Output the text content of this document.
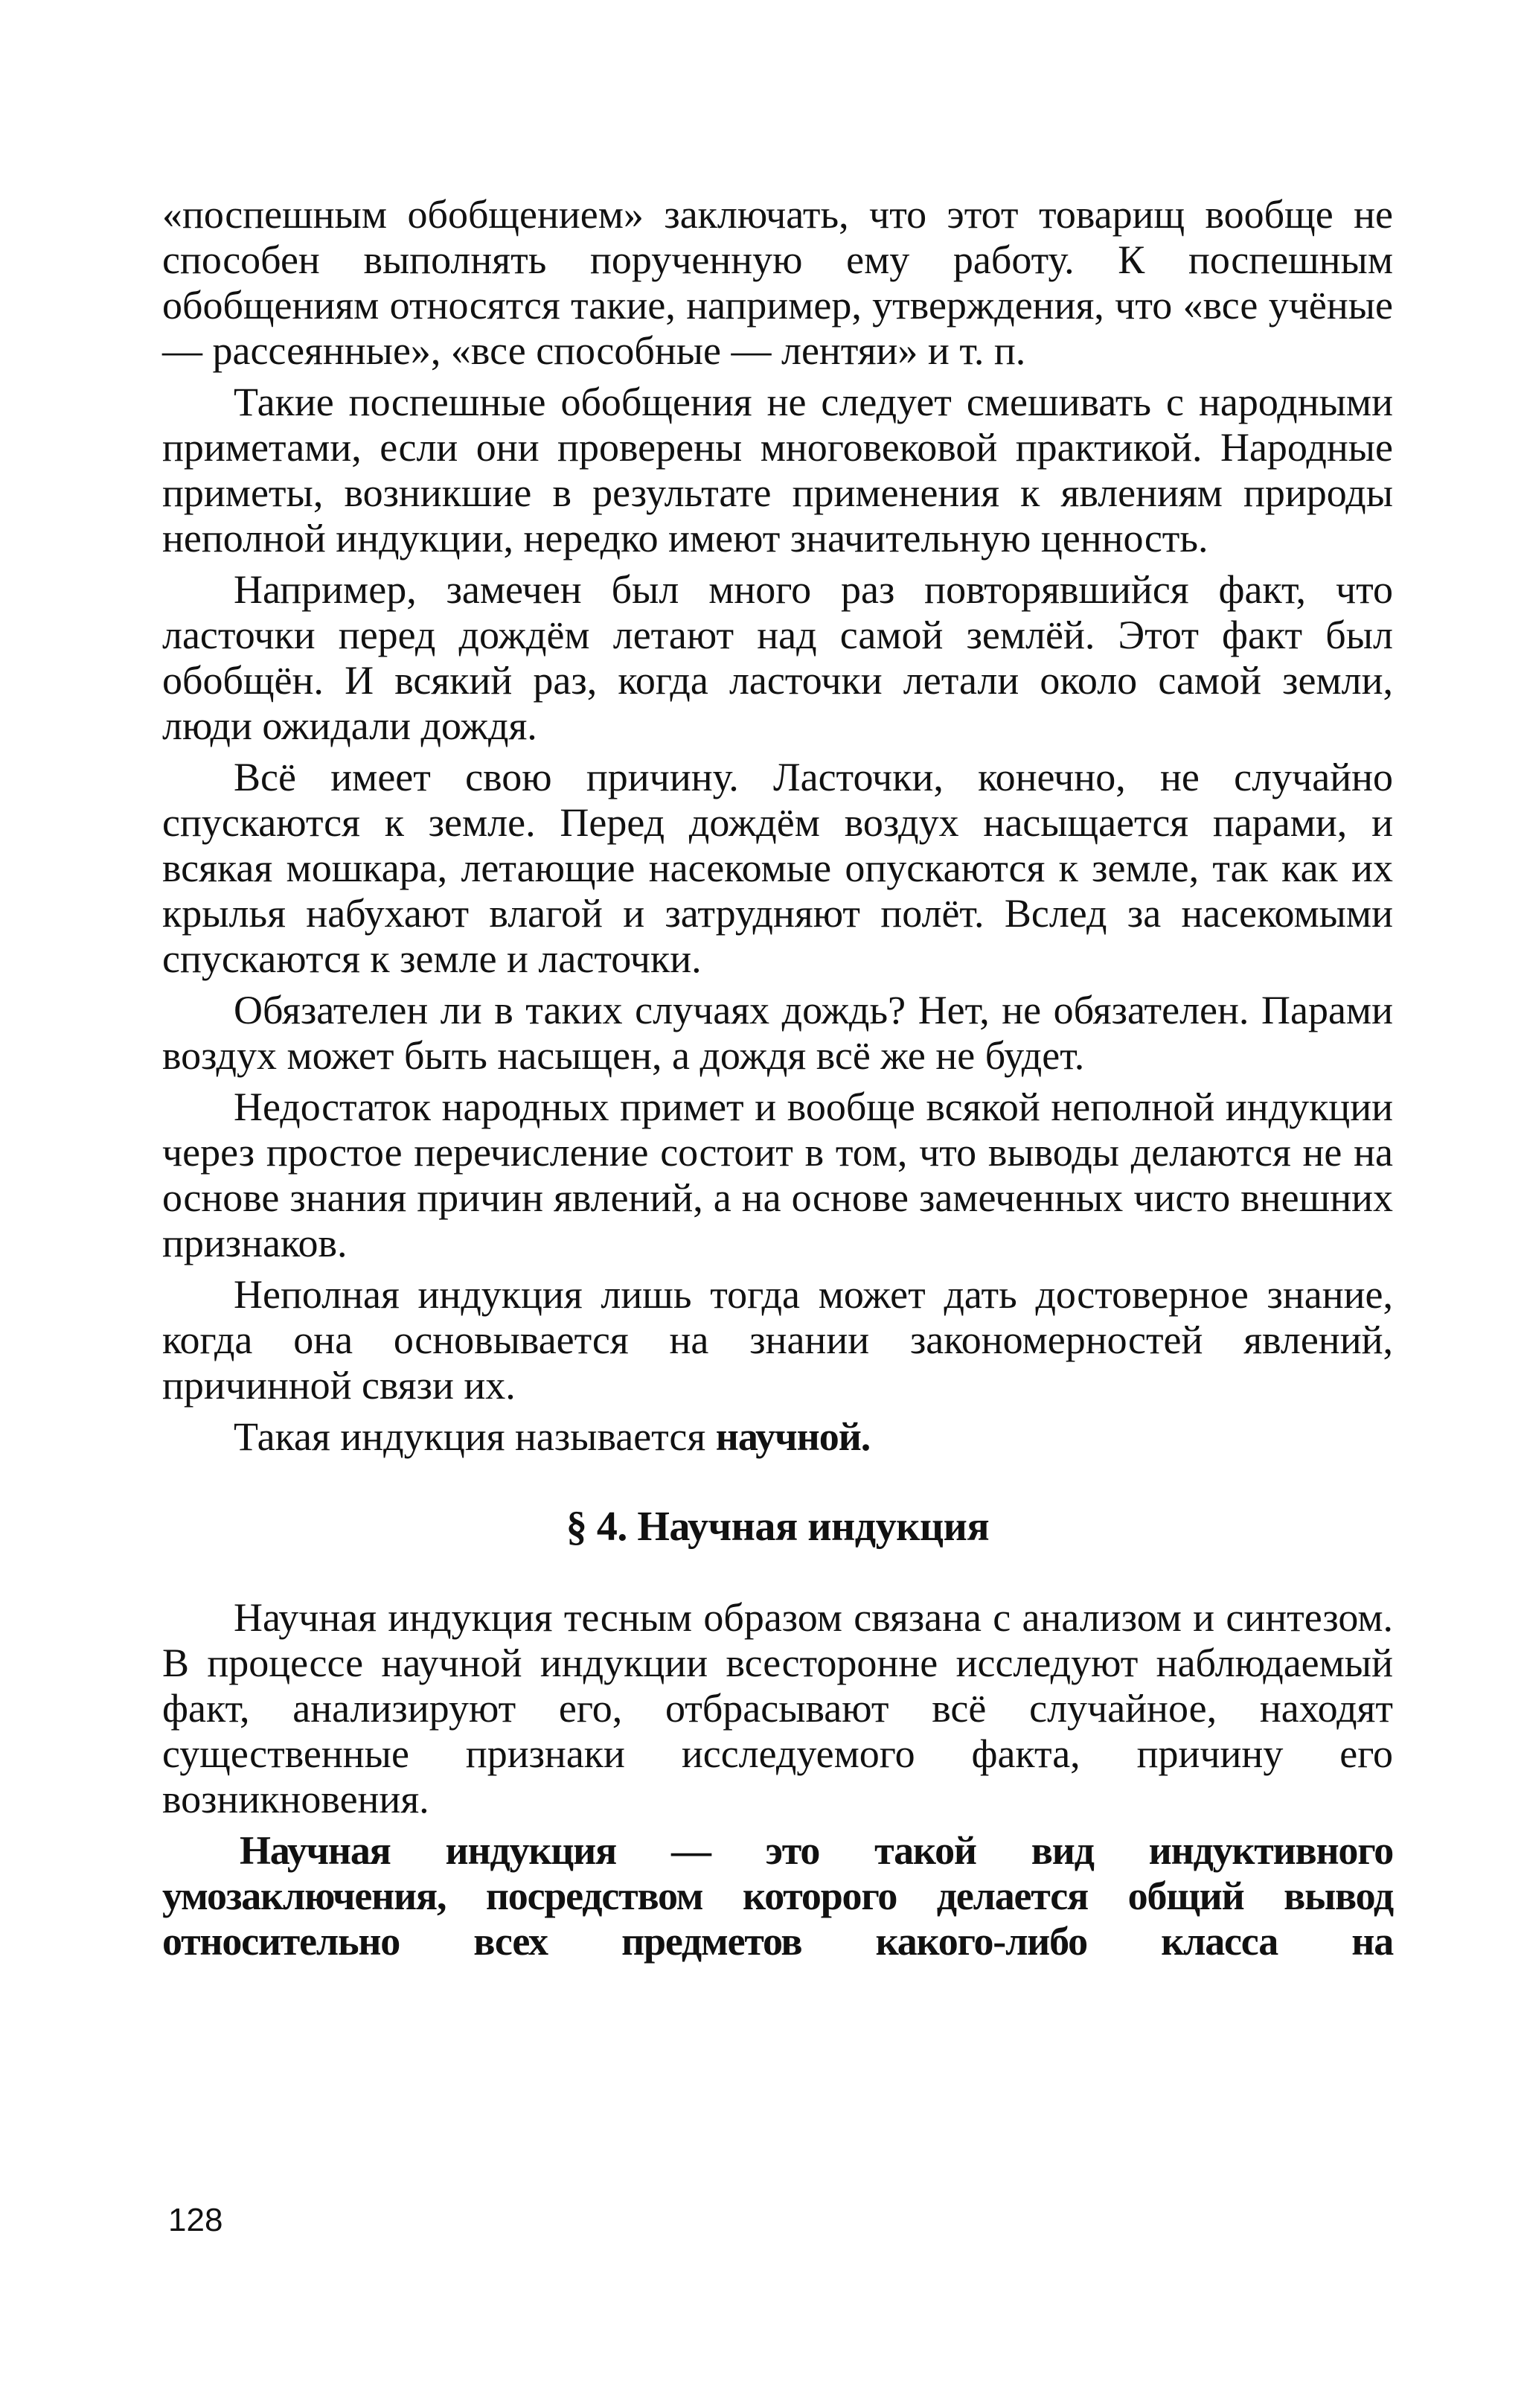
«поспешным обобщением» заключать, что этот товарищ вообще не способен выполнять порученную ему работу. К поспешным обобщениям относятся такие, например, утверждения, что «все учёные — рассеянные», «все способные — лентяи» и т. п.

Такие поспешные обобщения не следует смешивать с народными приметами, если они проверены многовековой практикой. Народные приметы, возникшие в результате применения к явлениям природы неполной индукции, нередко имеют значительную ценность.

Например, замечен был много раз повторявшийся факт, что ласточки перед дождём летают над самой землёй. Этот факт был обобщён. И всякий раз, когда ласточки летали около самой земли, люди ожидали дождя.

Всё имеет свою причину. Ласточки, конечно, не случайно спускаются к земле. Перед дождём воздух насыщается парами, и всякая мошкара, летающие насекомые опускаются к земле, так как их крылья набухают влагой и затрудняют полёт. Вслед за насекомыми спускаются к земле и ласточки.

Обязателен ли в таких случаях дождь? Нет, не обязателен. Парами воздух может быть насыщен, а дождя всё же не будет.

Недостаток народных примет и вообще всякой неполной индукции через простое перечисление состоит в том, что выводы делаются не на основе знания причин явлений, а на основе замеченных чисто внешних признаков.

Неполная индукция лишь тогда может дать достоверное знание, когда она основывается на знании закономерностей явлений, причинной связи их.

Такая индукция называется научной.

§ 4. Научная индукция

Научная индукция тесным образом связана с анализом и синтезом. В процессе научной индукции всесторонне исследуют наблюдаемый факт, анализируют его, отбрасывают всё случайное, находят существенные признаки исследуемого факта, причину его возникновения.

Научная индукция — это такой вид индуктивного умозаключения, посредством которого делается общий вывод относительно всех предметов какого-либо класса на

128
